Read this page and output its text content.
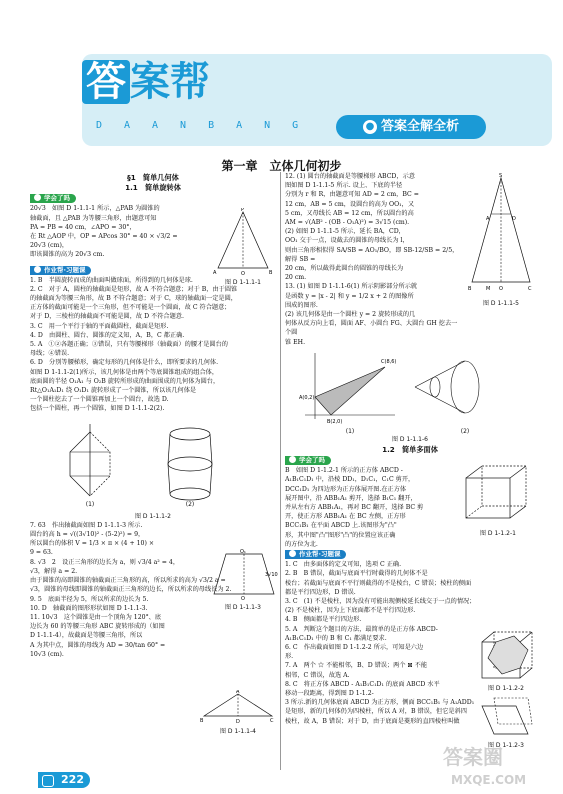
答 案帮
DAANBANG	● 答案全解全析
第一章　立体几何初步
§1　简单几何体
1.1　简单旋转体
学会了吗

20√3　如图 D 1-1.1-1 所示，△PAB 为圆锥的

轴截面，且 △PAB 为等腰三角形，由题意可知

PA = PB = 40 cm，∠APO = 30°，

在 Rt △AOP 中，OP = APcos 30° = 40 × √3/2 =

20√3 (cm)，

即该圆锥的高为 20√3 cm.

作业帮·习题课

1. B　半圆旋转而成的曲面叫做球面，所得到的几何体是球.

2. C　对于 A，圆柱的轴截面是矩形，故 A 不符合题意；对于 B，由于圆锥

的轴截面为等腰三角形，故 B 不符合题意；对于 C，球的轴截面一定是圆，

正方体的截面可能是一个三角形，但不可能是一个圆面，故 C 符合题意；

对于 D，三棱柱的轴截面不可能是圆，故 D 不符合题意.

3. C　用一个平行于轴的平面截圆柱，截面是矩形.

4. D　由圆柱、圆台、圆锥的定义知，A，B，C 都正确.

5. A　①②各题正确；③错误，只有等腰梯形（轴截面）的腰才是圆台的

母线；④错误.

6. D　分别等腰梯形，确定每形的几何体是什么，即所要求的几何体.

如图 D 1-1.1-2(1)所示，该几何体是由两个等底圆锥组成的组合体，

底面圆的半径 O₁A₁ 与 O₂B 旋转所形成的曲面围成的几何体为圆台，

Rt△O₁A₁D₁ 绕 O₁D₁ 旋转形成了一个圆锥，所以该几何体是

一个圆柱挖去了一个圆锥再加上一个圆台，故选 D.

包括一个圆柱，再一个圆锥，如图 D 1-1.1-2(2).

(1)	(2)
图 D 1-1.1-2

7. 63　作出轴截面如图 D 1-1.1-3 所示.

圆台的高 h = √((3√10)² - (5-2)²) = 9，

所以圆台的体积 V = 1/3 × π × (4 + 10) ×

9 = 63.

8. √3　2　设正三角形的边长为 a，则 √3/4 a² = 4，

√3，解得 a = 2.

由于圆锥的高即圆锥的轴截面正三角形的高，所以所求的高为 √3/2 a =

√3，圆锥的母线即圆锥的轴截面正三角形的边长，所以所求的母线长为 2.

9. 5　底面半径为 5，所以所求的边长为 5.

10. D　轴截面的图形形状如图 D 1-1.1-3.

11. 10√3　这个圆锥是由一个顶角为 120°、底

边长为 60 的等腰三角形 ABC 旋转形成的（如图

D 1-1.1-4），故截面是等腰三角形，所以

A 为其中点，圆锥的母线为 AD = 30/tan 60° =

10√3 (cm).

P
A	O	B
图 D 1-1.1-1
O₁
O
3√10
图 D 1-1.1-3
A
B	D	C
图 D 1-1.1-4

12. (1) 圆台的轴截面是等腰梯形 ABCD，示意

图如图 D 1-1.1-5 所示. 设上、下底的半径

分别为 r 和 R，由题意可知 AD = 2 cm，BC =

12 cm，AB = 5 cm，设圆台的高为 OO₁，又

5 cm，又母线长 AB = 12 cm，所以圆台的高

AM = √(AB² - (OB - O₁A)²) = 3√15 (cm).

(2) 如图 D 1-1.1-5 所示，延长 BA，CD，

OO₁ 交于一点，设截去的圆锥的母线长为 l，

则由三角形相似得 SA/SB = AO₁/BO，即 SB-12/SB = 2/5，解得 SB =

20 cm，所以截得此圆台的圆锥的母线长为

20 cm.

13. (1) 如图 D 1-1.1-6(1) 所示阴影部分所示就

是函数 y = |x - 2| 和 y = 1/2 x + 2 的图像所

围成的图形.

(2) 该几何体是由一个圆柱 y = 2 旋转形成的几

何体从反方向上看，圆面 AF、小圆台 FG、大圆台 GH 挖去一个圆

锥 EH.

A(0,2)
B(2,0)
C(8,6)
(1)	(2)
图 D 1-1.1-6
1.2　简单多面体
学会了吗

B　如图 D 1-1.2-1 所示的正方体 ABCD -

A₁B₁C₁D₁ 中，沿棱 DD₁，D₁C₁，C₁C 剪开，

DCC₁D₁ 为四边形为正方体展开图.在正方体

展开图中，沿 ABB₁A₁ 剪开，选择 B₁C₁ 翻开，

并从左右方 ABB₁A₁，再对 BC 翻开，选择 BC 剪

开，使正方形 ABB₁A₁ 在 BC 左侧，正方形

BCC₁B₁ 在平面 ABCD 上.该图形为"凸"

形，其中图"凸"图形"凸"的位置应该正确

的方位为北.

作业帮·习题课

1. C　由多面体的定义可知，选项 C 正确.

2. B　B 错误，截面与底面平行时截得的几何体不是

棱台；若截面与底面不平行则截得的不是棱台，C 错误；棱柱的侧面

都是平行四边形，D 错误.

3. C　(1) 不是棱柱，因为没有可能出现侧棱延长线交于一点的情况；

(2) 不是棱柱，因为上下底面都不是平行四边形.

4. B　侧面都是平行四边形.

5. A　判断这个题目的方法，最简单的是正方体 ABCD-

A₁B₁C₁D₁ 中的 B 和 C₁ 都满足要求.

6. C　作出截面如图 D 1-1.2-2 所示，可知是六边

形.

7. A　两个 ☆ 不能相邻，B、D 错误；两个 ⊠ 不能

相邻，C 错误，故选 A.

8. C　将正方体 ABCD - A₁B₁C₁D₁ 的底面 ABCD 水平

移动一段距离，得到图 D 1-1.2-

3 所示.新的几何体底面 ABCD 为正方形，侧面 BCC₁B₁ 与 A₁ADD₁

是矩形，新的几何体仍为四棱柱，所以 A 对，B 错误，但它是斜四

棱柱，故 A，B 错误；对于 D，由于底面是菱形的直四棱柱叫做

S
A	D
B	M O	C
图 D 1-1.1-5
图 D 1-1.2-1
图 D 1-1.2-2
图 D 1-1.2-3
222
答案圈
MXQE.COM
